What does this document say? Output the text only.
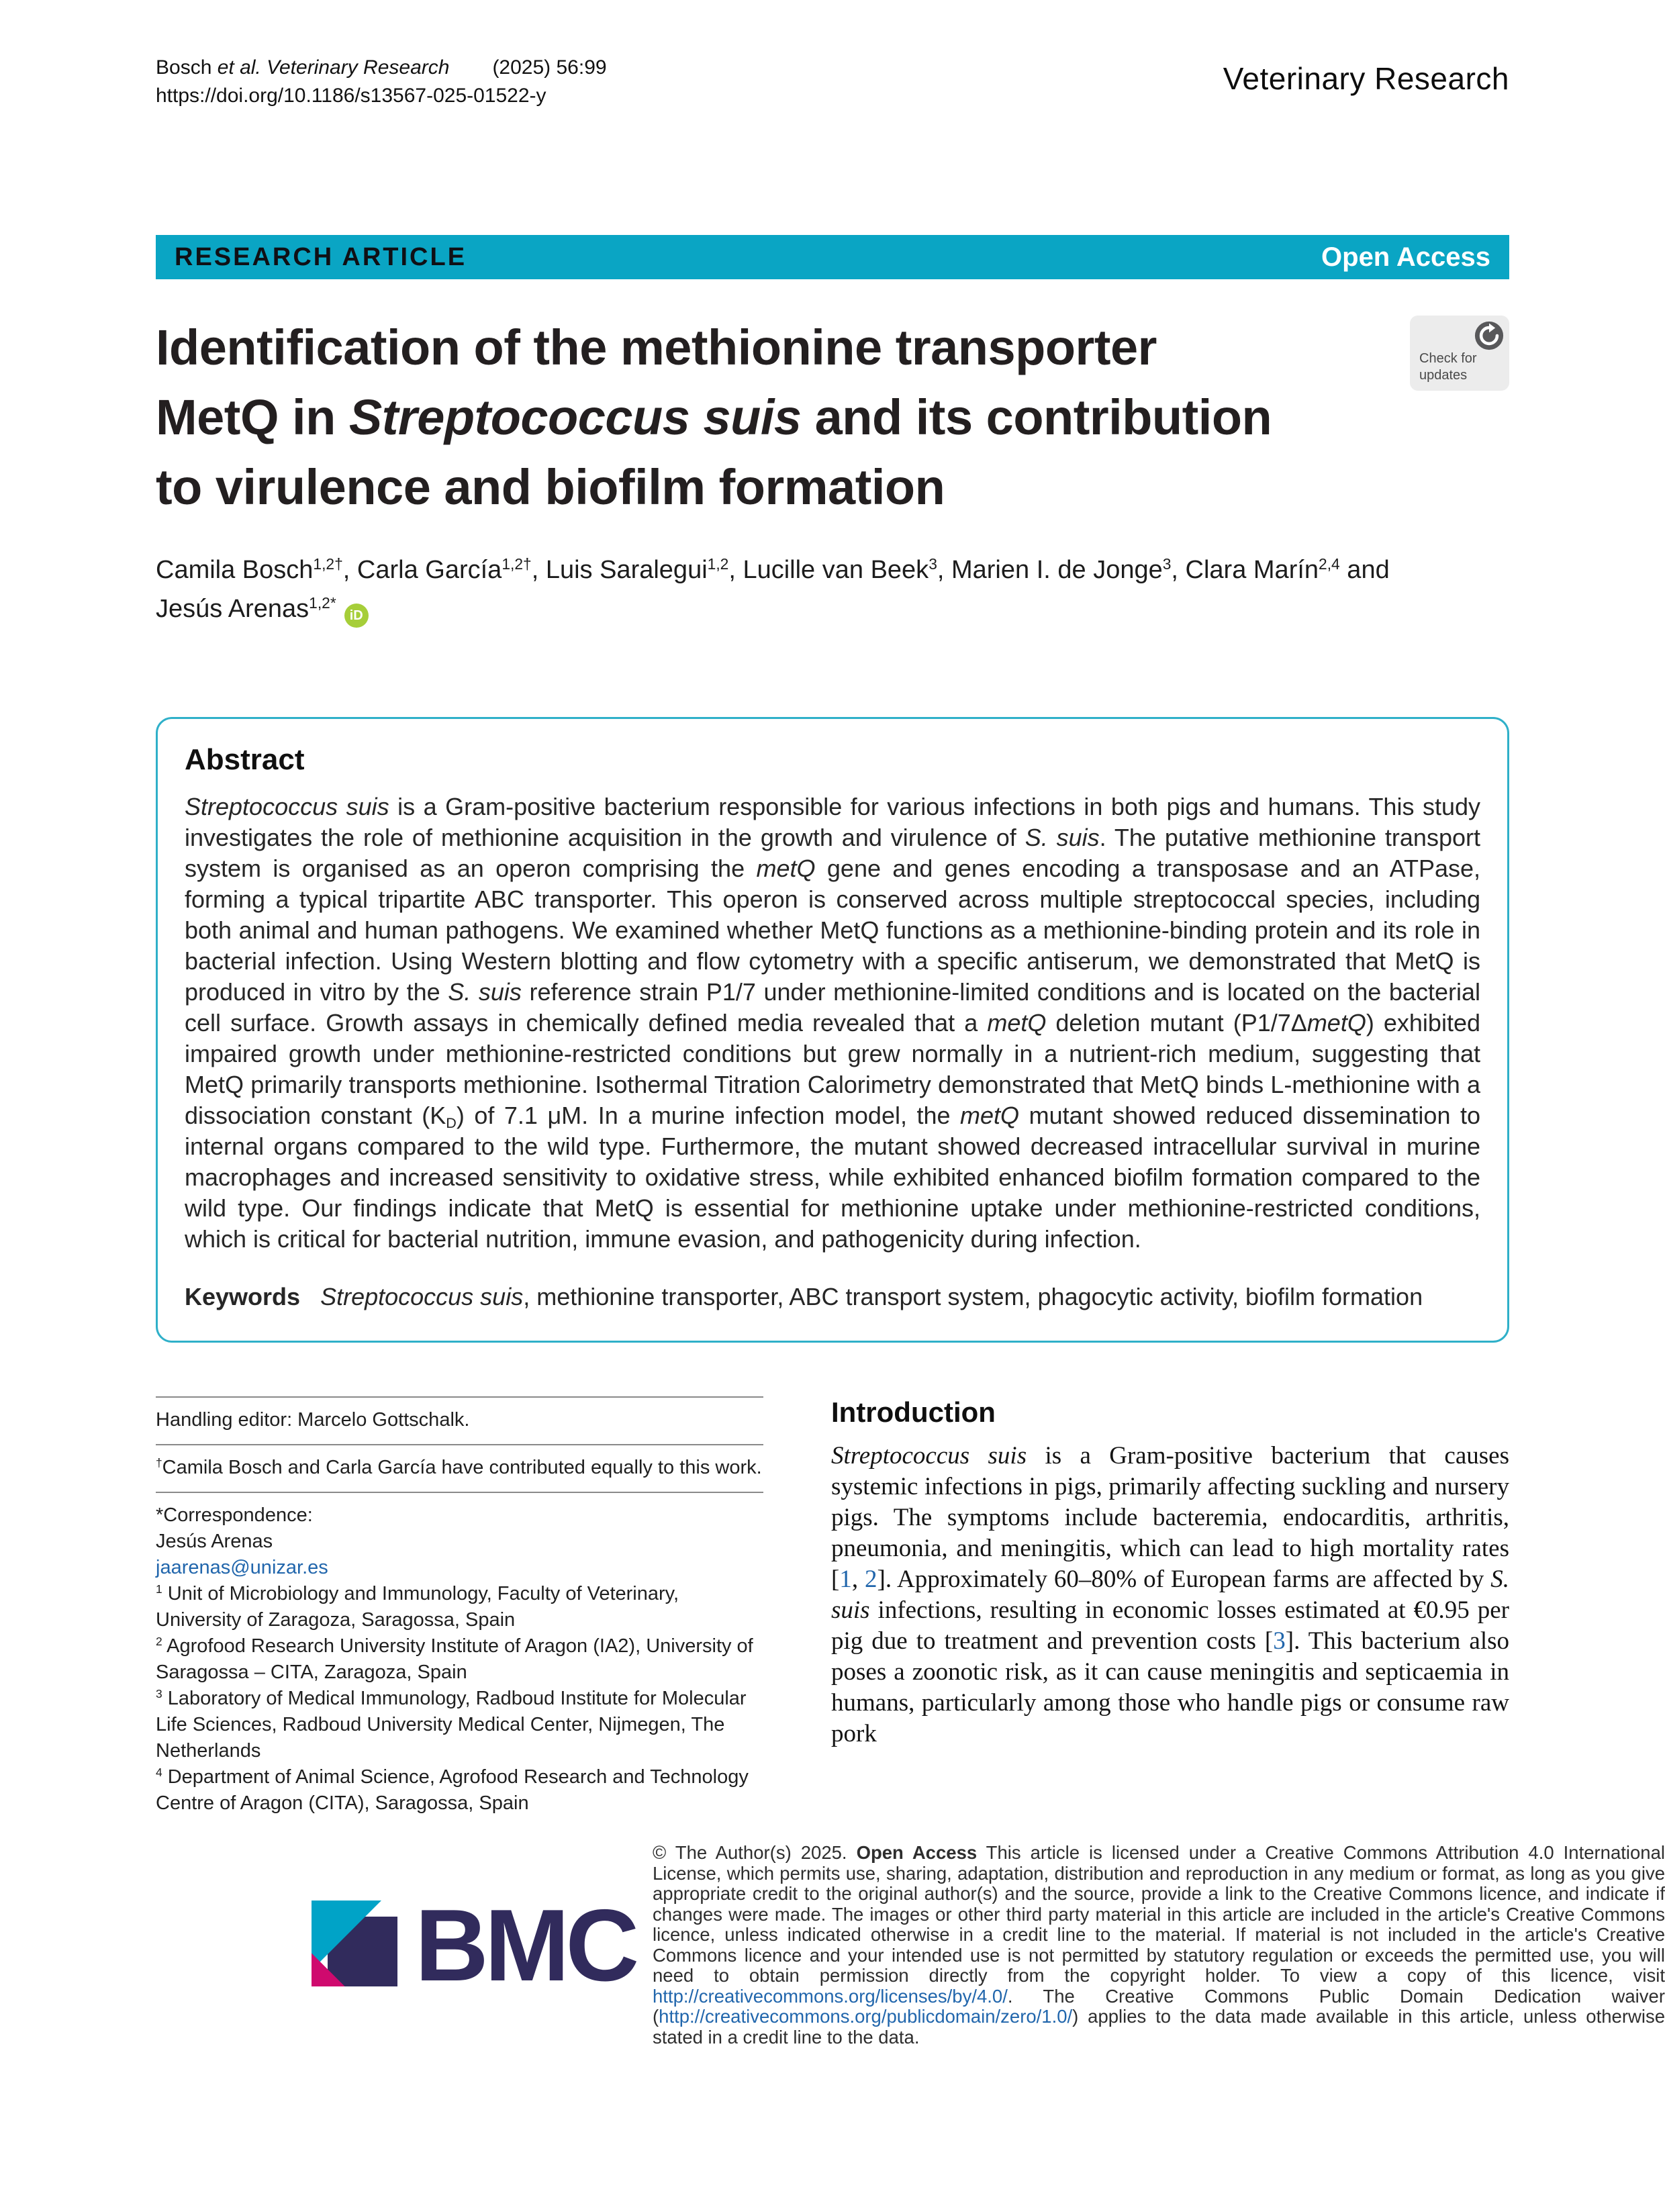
Bosch et al. Veterinary Research (2025) 56:99
https://doi.org/10.1186/s13567-025-01522-y	Veterinary Research
RESEARCH ARTICLE	Open Access
Identification of the methionine transporter
MetQ in Streptococcus suis and its contribution
to virulence and biofilm formation
Check for
updates

Camila Bosch$^{1,2\dagger}$, Carla García$^{1,2\dagger}$, Luis Saralegui$^{1,2}$, Lucille van Beek$^3$, Marien I. de Jonge$^3$, Clara Marín$^{2,4}$ and
Jesús Arenas$^{1,2*}$iD

Abstract

Streptococcus suis is a Gram-positive bacterium responsible for various infections in both pigs and humans. This study investigates the role of methionine acquisition in the growth and virulence of S. suis. The putative methionine transport system is organised as an operon comprising the metQ gene and genes encoding a transposase and an ATPase, forming a typical tripartite ABC transporter. This operon is conserved across multiple streptococcal species, including both animal and human pathogens. We examined whether MetQ functions as a methionine-binding protein and its role in bacterial infection. Using Western blotting and flow cytometry with a specific antiserum, we demonstrated that MetQ is produced in vitro by the S. suis reference strain P1/7 under methionine-limited conditions and is located on the bacterial cell surface. Growth assays in chemically defined media revealed that a metQ deletion mutant (P1/7ΔmetQ) exhibited impaired growth under methionine-restricted conditions but grew normally in a nutrient-rich medium, suggesting that MetQ primarily transports methionine. Isothermal Titration Calorimetry demonstrated that MetQ binds L-methionine with a dissociation constant (KD) of 7.1 μM. In a murine infection model, the metQ mutant showed reduced dissemination to internal organs compared to the wild type. Furthermore, the mutant showed decreased intracellular survival in murine macrophages and increased sensitivity to oxidative stress, while exhibited enhanced biofilm formation compared to the wild type. Our findings indicate that MetQ is essential for methionine uptake under methionine-restricted conditions, which is critical for bacterial nutrition, immune evasion, and pathogenicity during infection.

Keywords Streptococcus suis, methionine transporter, ABC transport system, phagocytic activity, biofilm formation

Handling editor: Marcelo Gottschalk.
†Camila Bosch and Carla García have contributed equally to this work.
*Correspondence:
Jesús Arenas
jaarenas@unizar.es
$^1$ Unit of Microbiology and Immunology, Faculty of Veterinary, University of Zaragoza, Saragossa, Spain
$^2$ Agrofood Research University Institute of Aragon (IA2), University of Saragossa – CITA, Zaragoza, Spain
$^3$ Laboratory of Medical Immunology, Radboud Institute for Molecular Life Sciences, Radboud University Medical Center, Nijmegen, The Netherlands
$^4$ Department of Animal Science, Agrofood Research and Technology Centre of Aragon (CITA), Saragossa, Spain
Introduction

Streptococcus suis is a Gram-positive bacterium that causes systemic infections in pigs, primarily affecting suckling and nursery pigs. The symptoms include bacteremia, endocarditis, arthritis, pneumonia, and meningitis, which can lead to high mortality rates [1, 2]. Approximately 60–80% of European farms are affected by S. suis infections, resulting in economic losses estimated at €0.95 per pig due to treatment and prevention costs [3]. This bacterium also poses a zoonotic risk, as it can cause meningitis and septicaemia in humans, particularly among those who handle pigs or consume raw pork

BMC

© The Author(s) 2025. Open Access This article is licensed under a Creative Commons Attribution 4.0 International License, which permits use, sharing, adaptation, distribution and reproduction in any medium or format, as long as you give appropriate credit to the original author(s) and the source, provide a link to the Creative Commons licence, and indicate if changes were made. The images or other third party material in this article are included in the article's Creative Commons licence, unless indicated otherwise in a credit line to the material. If material is not included in the article's Creative Commons licence and your intended use is not permitted by statutory regulation or exceeds the permitted use, you will need to obtain permission directly from the copyright holder. To view a copy of this licence, visit http://creativecommons.org/licenses/by/4.0/. The Creative Commons Public Domain Dedication waiver (http://creativecommons.org/publicdomain/zero/1.0/) applies to the data made available in this article, unless otherwise stated in a credit line to the data.
